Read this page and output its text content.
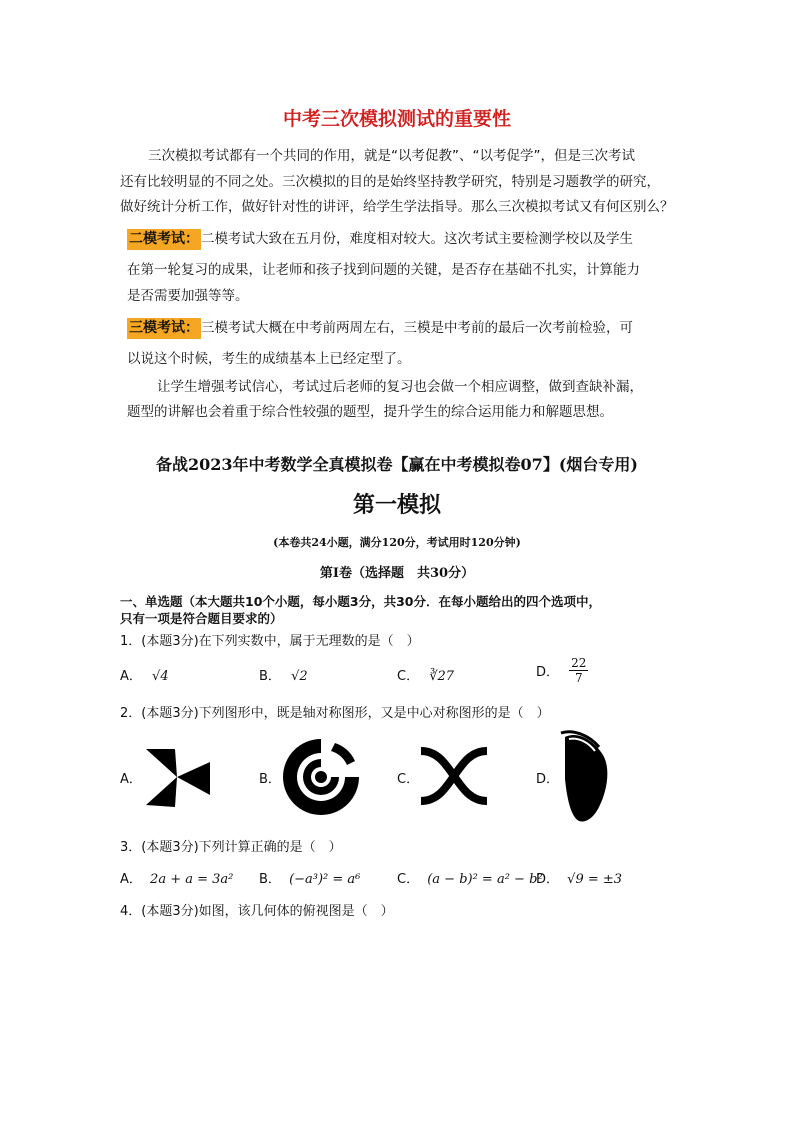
中考三次模拟测试的重要性
三次模拟考试都有一个共同的作用，就是“以考促教”、“以考促学”，但是三次考试
还有比较明显的不同之处。三次模拟的目的是始终坚持教学研究，特别是习题教学的研究，
做好统计分析工作，做好针对性的讲评，给学生学法指导。那么三次模拟考试又有何区别么？
二模考试： 二模考试大致在五月份，难度相对较大。这次考试主要检测学校以及学生
在第一轮复习的成果，让老师和孩子找到问题的关键，是否存在基础不扎实，计算能力
是否需要加强等等。
三模考试： 三模考试大概在中考前两周左右，三模是中考前的最后一次考前检验，可
以说这个时候，考生的成绩基本上已经定型了。
让学生增强考试信心，考试过后老师的复习也会做一个相应调整，做到查缺补漏，
题型的讲解也会着重于综合性较强的题型，提升学生的综合运用能力和解题思想。
备战2023年中考数学全真模拟卷【赢在中考模拟卷07】(烟台专用)
第一模拟
(本卷共24小题，满分120分，考试用时120分钟)
第Ⅰ卷（选择题　共30分）
一、单选题（本大题共10个小题，每小题3分，共30分．在每小题给出的四个选项中，
只有一项是符合题目要求的）
1．(本题3分)在下列实数中，属于无理数的是（　）
A． √4	B． √2	C． ∛27	D． $\frac{22}{7}$
2．(本题3分)下列图形中，既是轴对称图形，又是中心对称图形的是（　）
A．	B．	C．	D．
3．(本题3分)下列计算正确的是（　）
A． 2a + a = 3a² B． (−a³)² = a⁶	C． (a − b)² = a² − b²
D． √9 = ±3
4．(本题3分)如图，该几何体的俯视图是（　）
